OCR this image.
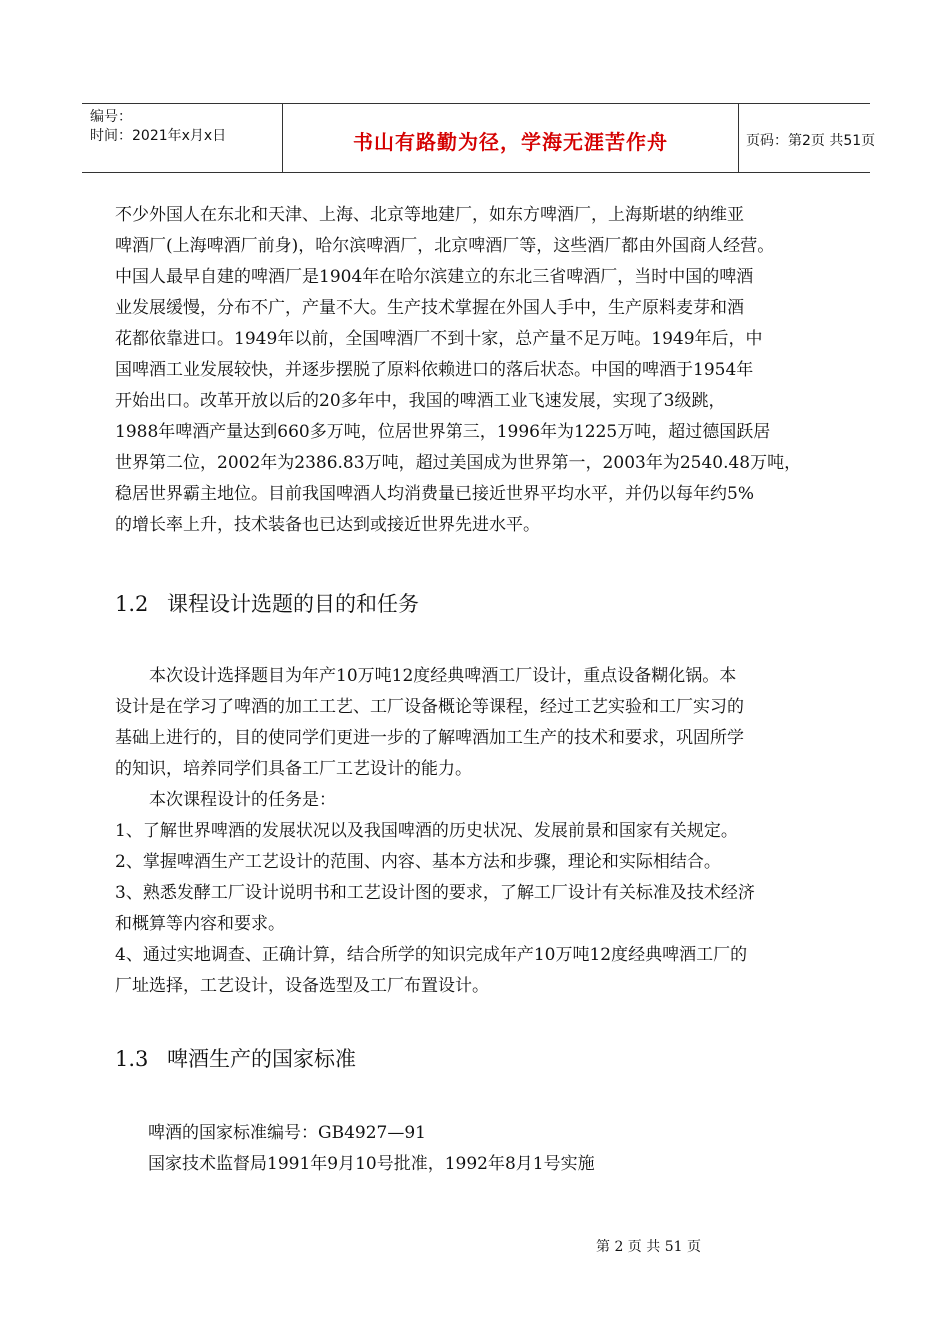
编号：
时间：2021年x月x日	书山有路勤为径，学海无涯苦作舟	页码：第2页 共51页

不少外国人在东北和天津、上海、北京等地建厂，如东方啤酒厂，上海斯堪的纳维亚

啤酒厂(上海啤酒厂前身)，哈尔滨啤酒厂，北京啤酒厂等，这些酒厂都由外国商人经营。

中国人最早自建的啤酒厂是1904年在哈尔滨建立的东北三省啤酒厂，当时中国的啤酒

业发展缓慢，分布不广，产量不大。生产技术掌握在外国人手中，生产原料麦芽和酒

花都依靠进口。1949年以前，全国啤酒厂不到十家，总产量不足万吨。1949年后，中

国啤酒工业发展较快，并逐步摆脱了原料依赖进口的落后状态。中国的啤酒于1954年

开始出口。改革开放以后的20多年中，我国的啤酒工业飞速发展，实现了3级跳，

1988年啤酒产量达到660多万吨，位居世界第三，1996年为1225万吨，超过德国跃居

世界第二位，2002年为2386.83万吨，超过美国成为世界第一，2003年为2540.48万吨，

稳居世界霸主地位。目前我国啤酒人均消费量已接近世界平均水平，并仍以每年约5%

的增长率上升，技术装备也已达到或接近世界先进水平。

1.2 课程设计选题的目的和任务

本次设计选择题目为年产10万吨12度经典啤酒工厂设计，重点设备糊化锅。本

设计是在学习了啤酒的加工工艺、工厂设备概论等课程，经过工艺实验和工厂实习的

基础上进行的，目的使同学们更进一步的了解啤酒加工生产的技术和要求，巩固所学

的知识，培养同学们具备工厂工艺设计的能力。

本次课程设计的任务是：

1、了解世界啤酒的发展状况以及我国啤酒的历史状况、发展前景和国家有关规定。

2、掌握啤酒生产工艺设计的范围、内容、基本方法和步骤，理论和实际相结合。

3、熟悉发酵工厂设计说明书和工艺设计图的要求，了解工厂设计有关标准及技术经济

和概算等内容和要求。

4、通过实地调查、正确计算，结合所学的知识完成年产10万吨12度经典啤酒工厂的

厂址选择，工艺设计，设备选型及工厂布置设计。

1.3 啤酒生产的国家标准

啤酒的国家标准编号：GB4927—91

国家技术监督局1991年9月10号批准，1992年8月1号实施

第 2 页 共 51 页
